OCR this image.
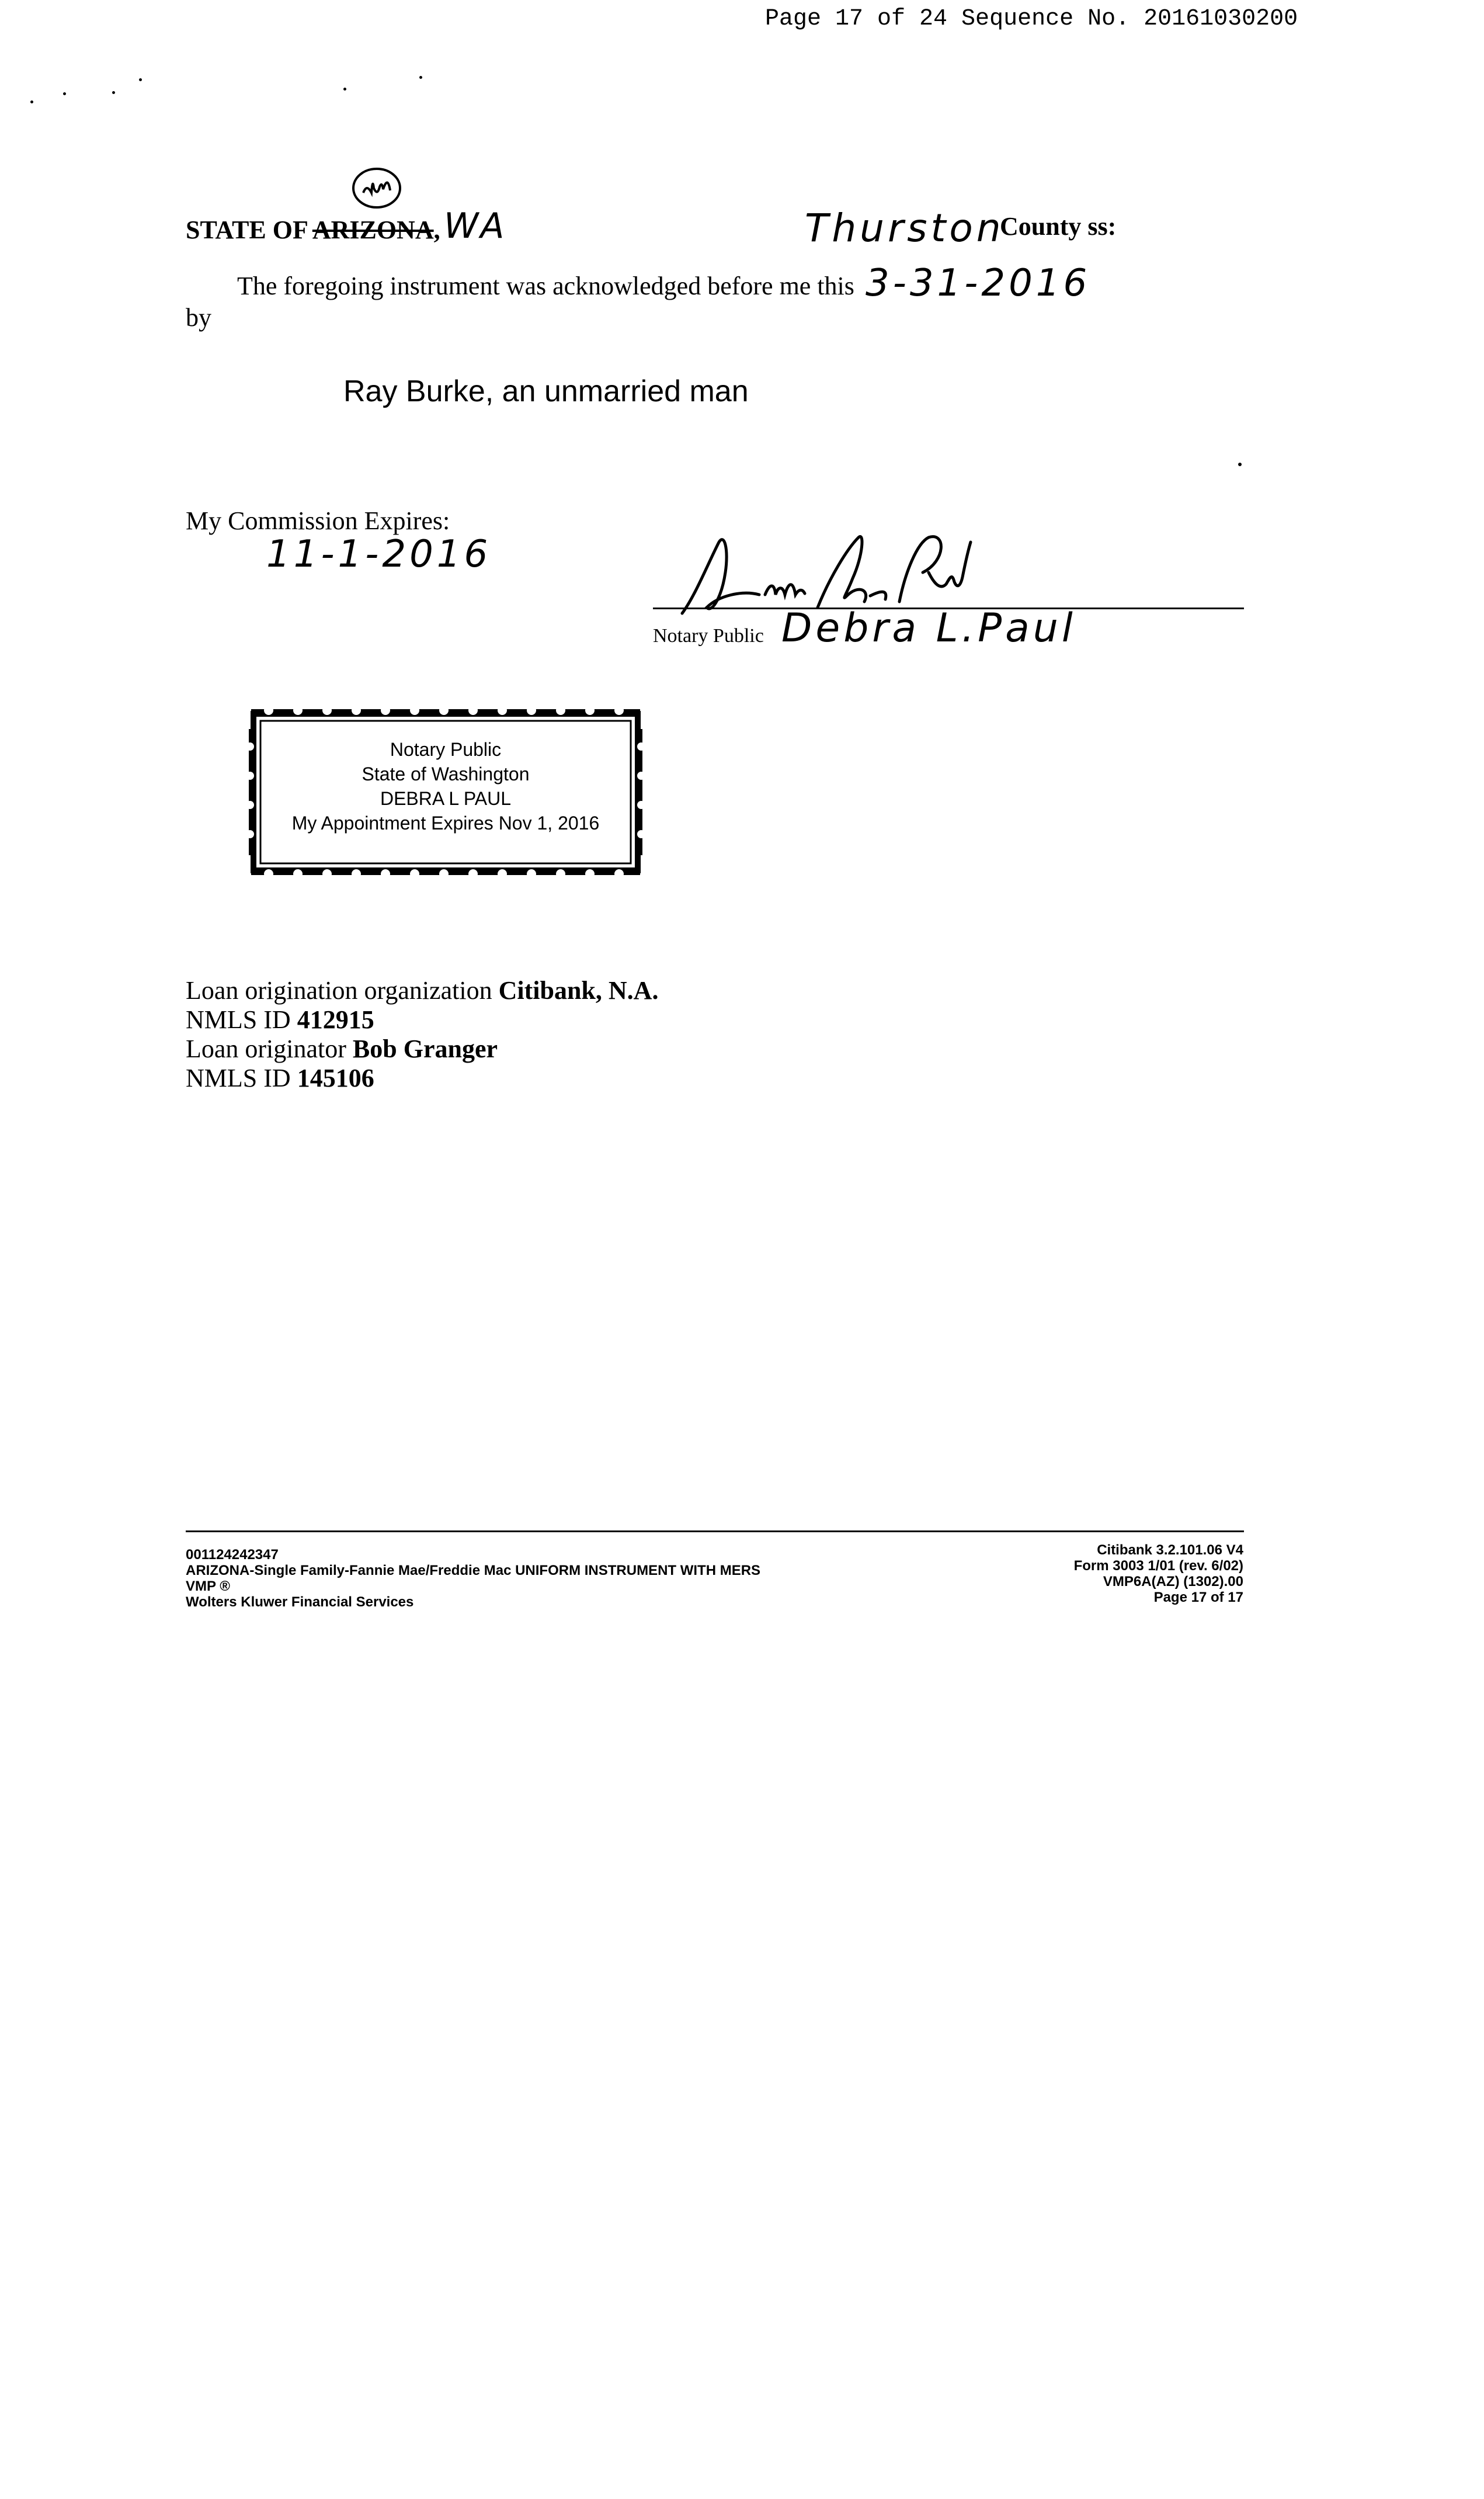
Page 17 of 24 Sequence No. 20161030200
STATE OF ARIZONA, WA	Thurston
County ss:
The foregoing instrument was acknowledged before me this 3-31-2016
by
Ray Burke, an unmarried man
My Commission Expires:
11-1-2016
Notary Public Debra L.Paul
Notary Public
State of Washington
DEBRA L PAUL
My Appointment Expires Nov 1, 2016
Loan origination organization Citibank, N.A.
NMLS ID 412915
Loan originator Bob Granger
NMLS ID 145106
001124242347
ARIZONA-Single Family-Fannie Mae/Freddie Mac UNIFORM INSTRUMENT WITH MERS
VMP ®
Wolters Kluwer Financial Services
Citibank 3.2.101.06 V4
Form 3003 1/01 (rev. 6/02)
VMP6A(AZ) (1302).00
Page 17 of 17
